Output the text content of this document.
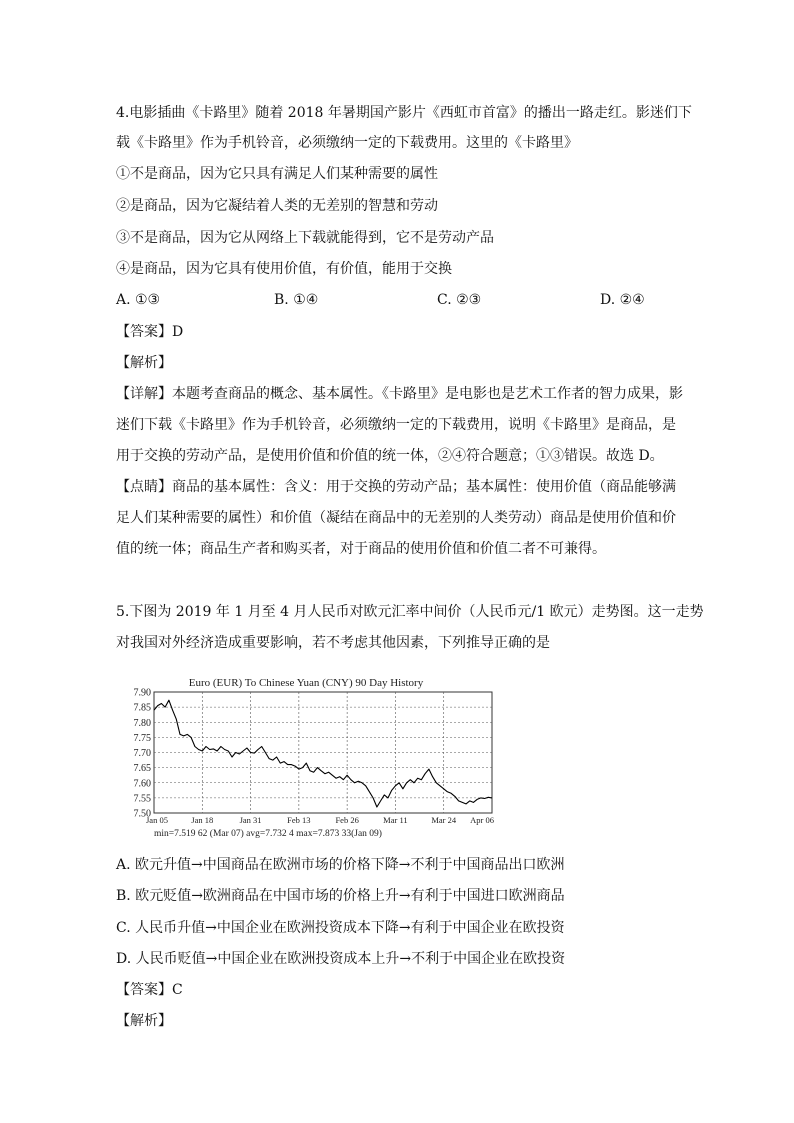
4.电影插曲《卡路里》随着 2018 年暑期国产影片《西虹市首富》的播出一路走红。影迷们下
载《卡路里》作为手机铃音，必须缴纳一定的下载费用。这里的《卡路里》
①不是商品，因为它只具有满足人们某种需要的属性
②是商品，因为它凝结着人类的无差别的智慧和劳动
③不是商品，因为它从网络上下载就能得到，它不是劳动产品
④是商品，因为它具有使用价值，有价值，能用于交换
A. ①③	B. ①④	C. ②③	D. ②④
【答案】D
【解析】
【详解】本题考查商品的概念、基本属性。《卡路里》是电影也是艺术工作者的智力成果，影
迷们下载《卡路里》作为手机铃音，必须缴纳一定的下载费用，说明《卡路里》是商品，是
用于交换的劳动产品，是使用价值和价值的统一体，②④符合题意；①③错误。故选 D。
【点睛】商品的基本属性：含义：用于交换的劳动产品；基本属性：使用价值（商品能够满
足人们某种需要的属性）和价值（凝结在商品中的无差别的人类劳动）商品是使用价值和价
值的统一体；商品生产者和购买者，对于商品的使用价值和价值二者不可兼得。
5.下图为 2019 年 1 月至 4 月人民币对欧元汇率中间价（人民币元/1 欧元）走势图。这一走势
对我国对外经济造成重要影响，若不考虑其他因素，下列推导正确的是
Euro (EUR) To Chinese Yuan (CNY) 90 Day History
7.90
7.85
7.80
7.75
7.70
7.65
7.60
7.55
7.50
Jan 05	Jan 18	Jan 31	Feb 13	Feb 26	Mar 11	Mar 24 Apr 06
min=7.519 62 (Mar 07) avg=7.732 4 max=7.873 33(Jan 09)
A. 欧元升值→中国商品在欧洲市场的价格下降→不利于中国商品出口欧洲
B. 欧元贬值→欧洲商品在中国市场的价格上升→有利于中国进口欧洲商品
C. 人民币升值→中国企业在欧洲投资成本下降→有利于中国企业在欧投资
D. 人民币贬值→中国企业在欧洲投资成本上升→不利于中国企业在欧投资
【答案】C
【解析】
